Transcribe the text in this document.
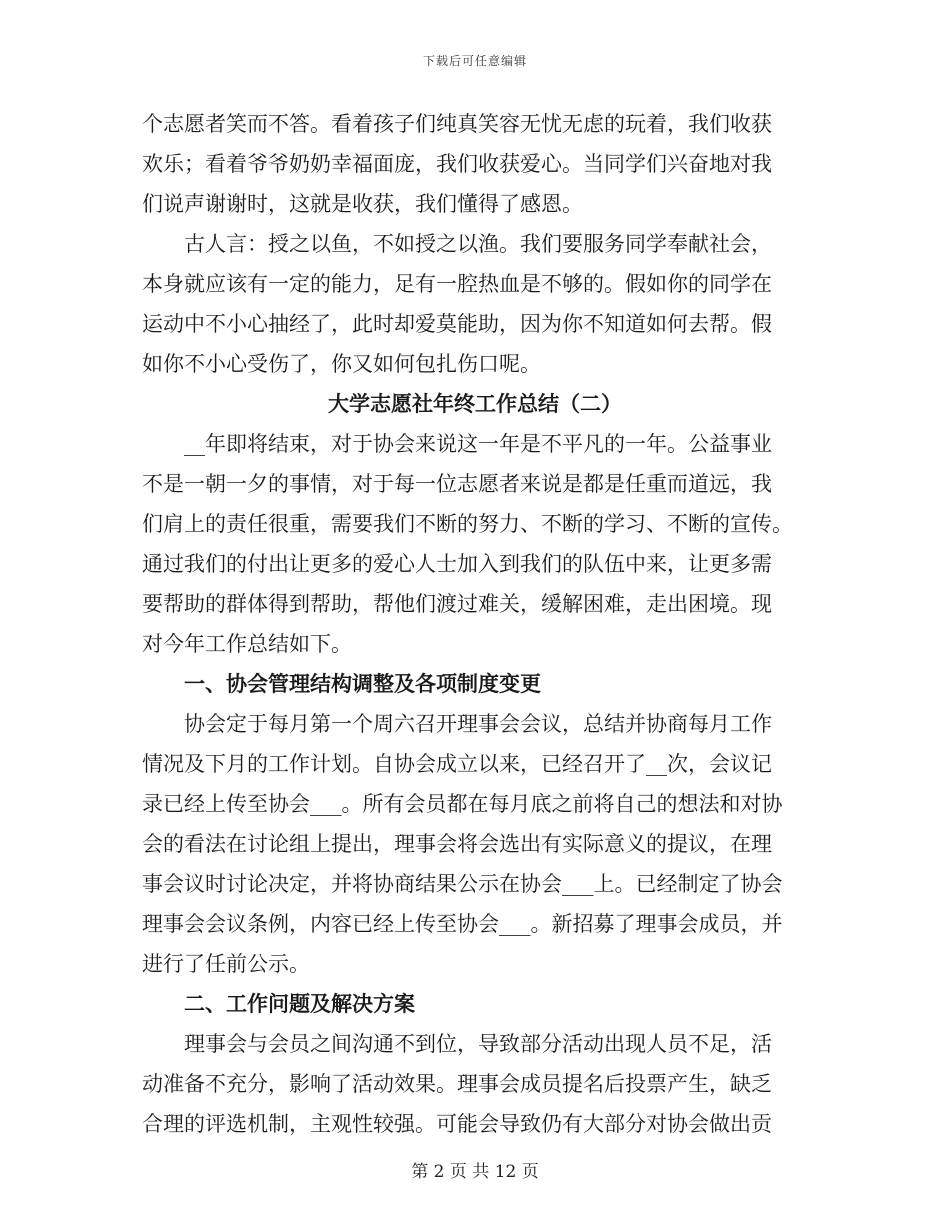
下载后可任意编辑
个志愿者笑而不答。看着孩子们纯真笑容无忧无虑的玩着，我们收获
欢乐；看着爷爷奶奶幸福面庞，我们收获爱心。当同学们兴奋地对我
们说声谢谢时，这就是收获，我们懂得了感恩。
古人言：授之以鱼，不如授之以渔。我们要服务同学奉献社会，
本身就应该有一定的能力，足有一腔热血是不够的。假如你的同学在
运动中不小心抽经了，此时却爱莫能助，因为你不知道如何去帮。假
如你不小心受伤了，你又如何包扎伤口呢。
大学志愿社年终工作总结（二）
__年即将结束，对于协会来说这一年是不平凡的一年。公益事业
不是一朝一夕的事情，对于每一位志愿者来说是都是任重而道远，我
们肩上的责任很重，需要我们不断的努力、不断的学习、不断的宣传。
通过我们的付出让更多的爱心人士加入到我们的队伍中来，让更多需
要帮助的群体得到帮助，帮他们渡过难关，缓解困难，走出困境。现
对今年工作总结如下。
一、协会管理结构调整及各项制度变更
协会定于每月第一个周六召开理事会会议，总结并协商每月工作
情况及下月的工作计划。自协会成立以来，已经召开了__次，会议记
录已经上传至协会___。所有会员都在每月底之前将自己的想法和对协
会的看法在讨论组上提出，理事会将会选出有实际意义的提议，在理
事会议时讨论决定，并将协商结果公示在协会___上。已经制定了协会
理事会会议条例，内容已经上传至协会___。新招募了理事会成员，并
进行了任前公示。
二、工作问题及解决方案
理事会与会员之间沟通不到位，导致部分活动出现人员不足，活
动准备不充分，影响了活动效果。理事会成员提名后投票产生，缺乏
合理的评选机制，主观性较强。可能会导致仍有大部分对协会做出贡
第 2 页 共 12 页
